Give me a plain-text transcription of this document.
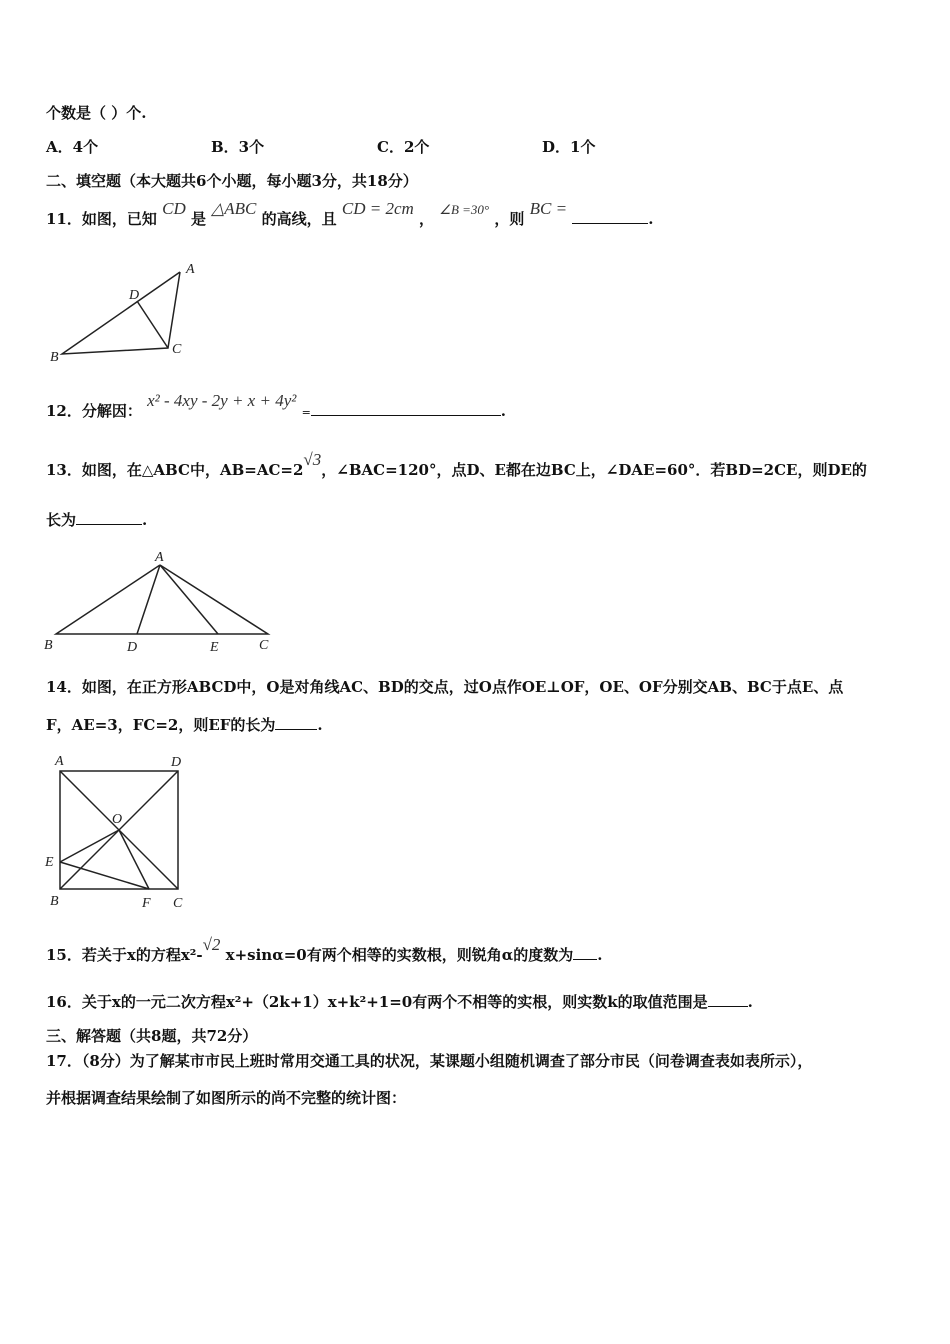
个数是（ ）个.
A．4个	B．3个	C．2个	D．1个
二、填空题（本大题共6个小题，每小题3分，共18分）
11．如图，已知 CD 是 △ABC 的高线，且 CD = 2cm ， ∠B =30° ，则 BC = .
A
D
B
C
12．分解因： x² - 4xy - 2y + x + 4y² =	.
13．如图，在△ABC中，AB=AC=2√3，∠BAC=120°，点D、E都在边BC上，∠DAE=60°．若BD=2CE，则DE的
长为	.
A
B	D	E	C
14．如图，在正方形ABCD中，O是对角线AC、BD的交点，过O点作OE⊥OF，OE、OF分别交AB、BC于点E、点
F，AE=3，FC=2，则EF的长为	.
A	D
O
E
B	F C
15．若关于x的方程x²-√2 x+sinα=0有两个相等的实数根，则锐角α的度数为 .
16．关于x的一元二次方程x²+（2k+1）x+k²+1=0有两个不相等的实根，则实数k的取值范围是	.
三、解答题（共8题，共72分）
17．（8分）为了解某市市民上班时常用交通工具的状况，某课题小组随机调查了部分市民（问卷调查表如表所示），
并根据调查结果绘制了如图所示的尚不完整的统计图：
